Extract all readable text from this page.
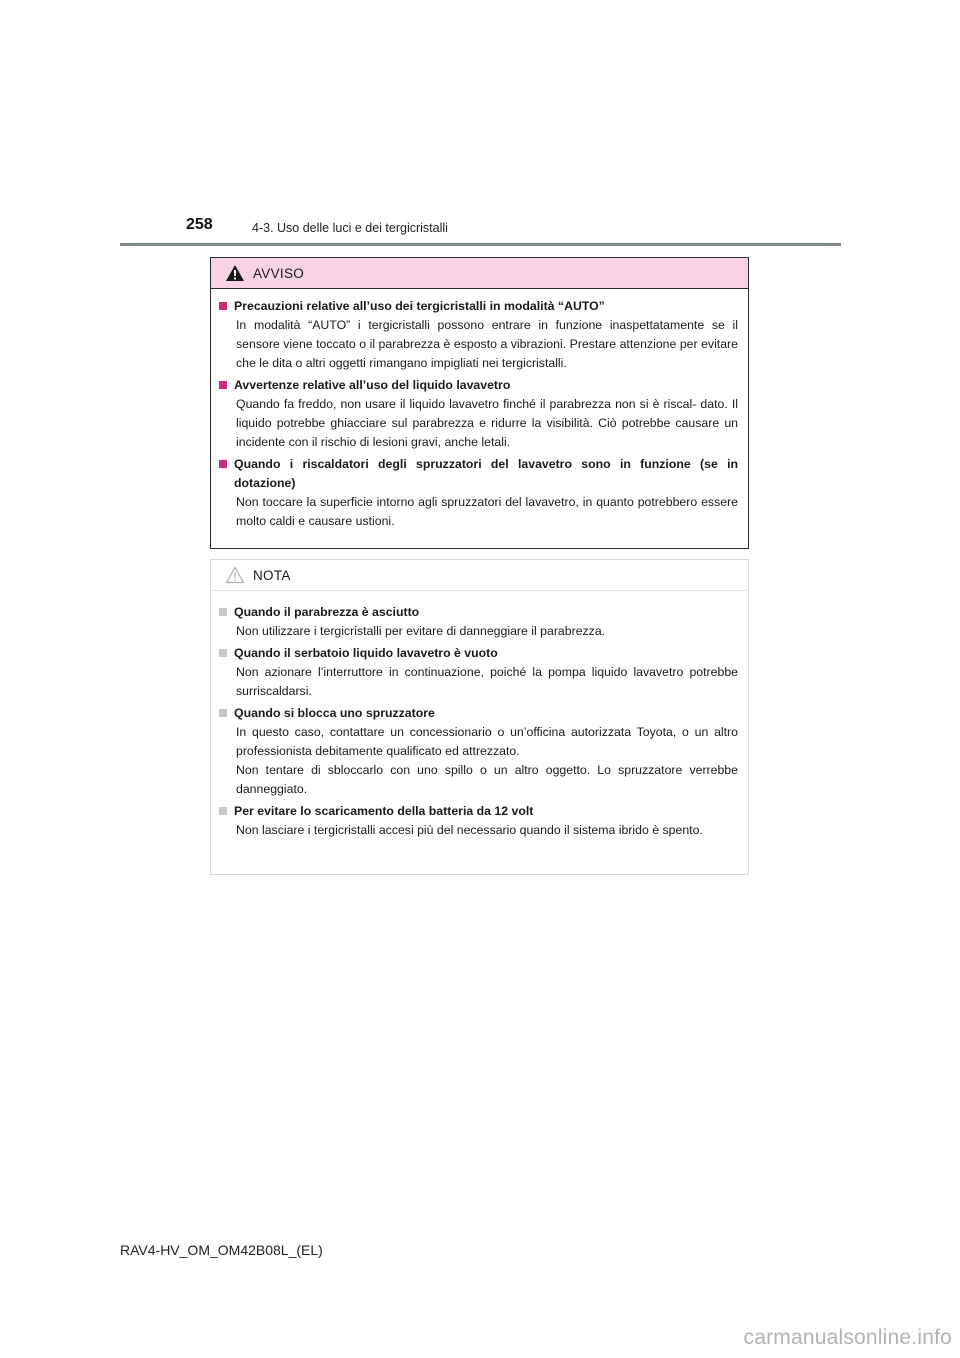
258	4-3. Uso delle luci e dei tergicristalli
AVVISO
Precauzioni relative all’uso dei tergicristalli in modalità “AUTO”
In modalità “AUTO” i tergicristalli possono entrare in funzione inaspettatamente se il sensore viene toccato o il parabrezza è esposto a vibrazioni. Prestare attenzione per evitare che le dita o altri oggetti rimangano impigliati nei tergicristalli.
Avvertenze relative all’uso del liquido lavavetro
Quando fa freddo, non usare il liquido lavavetro finché il parabrezza non si è riscal- dato. Il liquido potrebbe ghiacciare sul parabrezza e ridurre la visibilità. Ciò potrebbe causare un incidente con il rischio di lesioni gravi, anche letali.
Quando i riscaldatori degli spruzzatori del lavavetro sono in funzione (se in dotazione)
Non toccare la superficie intorno agli spruzzatori del lavavetro, in quanto potrebbero essere molto caldi e causare ustioni.
NOTA
Quando il parabrezza è asciutto
Non utilizzare i tergicristalli per evitare di danneggiare il parabrezza.
Quando il serbatoio liquido lavavetro è vuoto
Non azionare l’interruttore in continuazione, poiché la pompa liquido lavavetro potrebbe surriscaldarsi.
Quando si blocca uno spruzzatore
In questo caso, contattare un concessionario o un’officina autorizzata Toyota, o un altro professionista debitamente qualificato ed attrezzato.
Non tentare di sbloccarlo con uno spillo o un altro oggetto. Lo spruzzatore verrebbe danneggiato.
Per evitare lo scaricamento della batteria da 12 volt
Non lasciare i tergicristalli accesi più del necessario quando il sistema ibrido è spento.
RAV4-HV_OM_OM42B08L_(EL)
carmanualsonline.info
